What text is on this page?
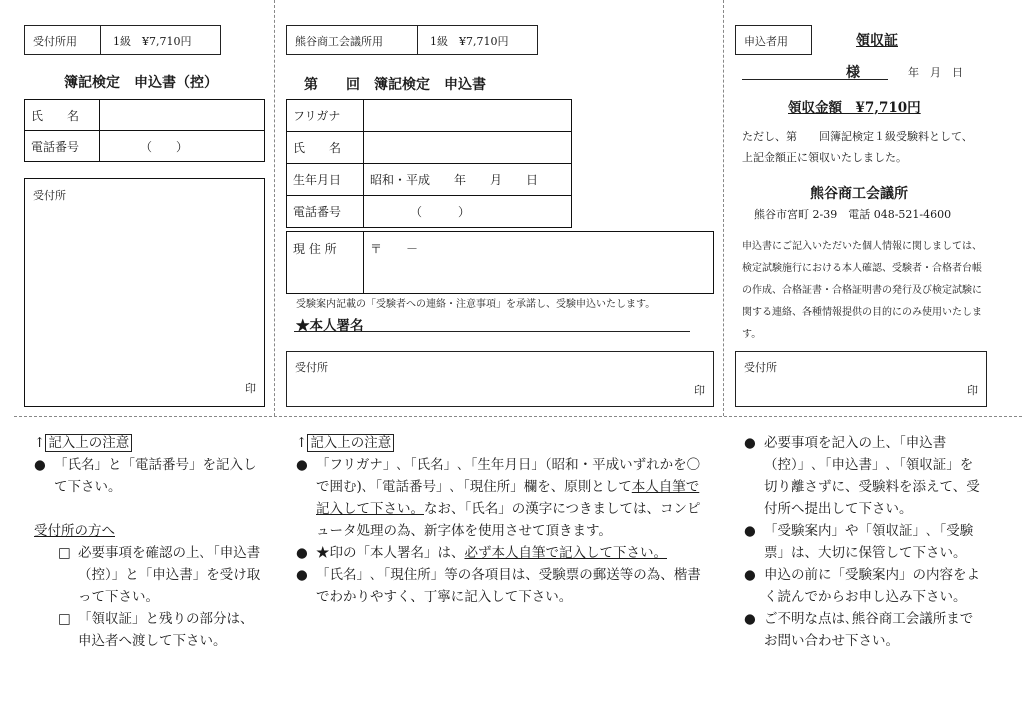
受付所用	1級　¥7,710円
簿記検定　申込書（控）
氏　　名	
電話番号	（　　）
受付所
印
熊谷商工会議所用	1級　¥7,710円
第　　回　簿記検定　申込書
フリガナ	
氏　　名	
生年月日	昭和・平成　　年　　月　　日
電話番号	（　　　）
現 住 所	〒　　－
受験案内記載の「受験者への連絡・注意事項」を承諾し、受験申込いたします。
★本人署名
受付所
印
申込者用	領収証
様	年　月　日
領収金額　¥7,710円
ただし、第　　回簿記検定１級受験料として、上記金額正に領収いたしました。
熊谷商工会議所
熊谷市宮町 2-39　電話 048-521-4600
申込書にご記入いただいた個人情報に関しましては、検定試験施行における本人確認、受験者・合格者台帳の作成、合格証書・合格証明書の発行及び検定試験に関する連絡、各種情報提供の目的にのみ使用いたします。
受付所
印
↑ 記入上の注意
● 「氏名」と「電話番号」を記入して下さい。
受付所の方へ
□ 必要事項を確認の上､「申込書（控）」と「申込書」を受け取って下さい。
□ 「領収証」と残りの部分は、申込者へ渡して下さい。
↑ 記入上の注意
● 「フリガナ」､「氏名」､「生年月日」（昭和・平成いずれかを〇で囲む)､「電話番号」､「現住所」欄を、原則として本人自筆で記入して下さい。なお、「氏名」の漢字につきましては、コンピュータ処理の為、新字体を使用させて頂きます。
● ★印の「本人署名」は、必ず本人自筆で記入して下さい。
● 「氏名」､「現住所」等の各項目は、受験票の郵送等の為、楷書でわかりやすく、丁寧に記入して下さい。
● 必要事項を記入の上、「申込書（控）」､「申込書」､「領収証」を切り離さずに、受験料を添えて、受付所へ提出して下さい。
● 「受験案内」や「領収証」､「受験票」は、大切に保管して下さい。
● 申込の前に「受験案内」の内容をよく読んでからお申し込み下さい。
● ご不明な点は､熊谷商工会議所までお問い合わせ下さい。
